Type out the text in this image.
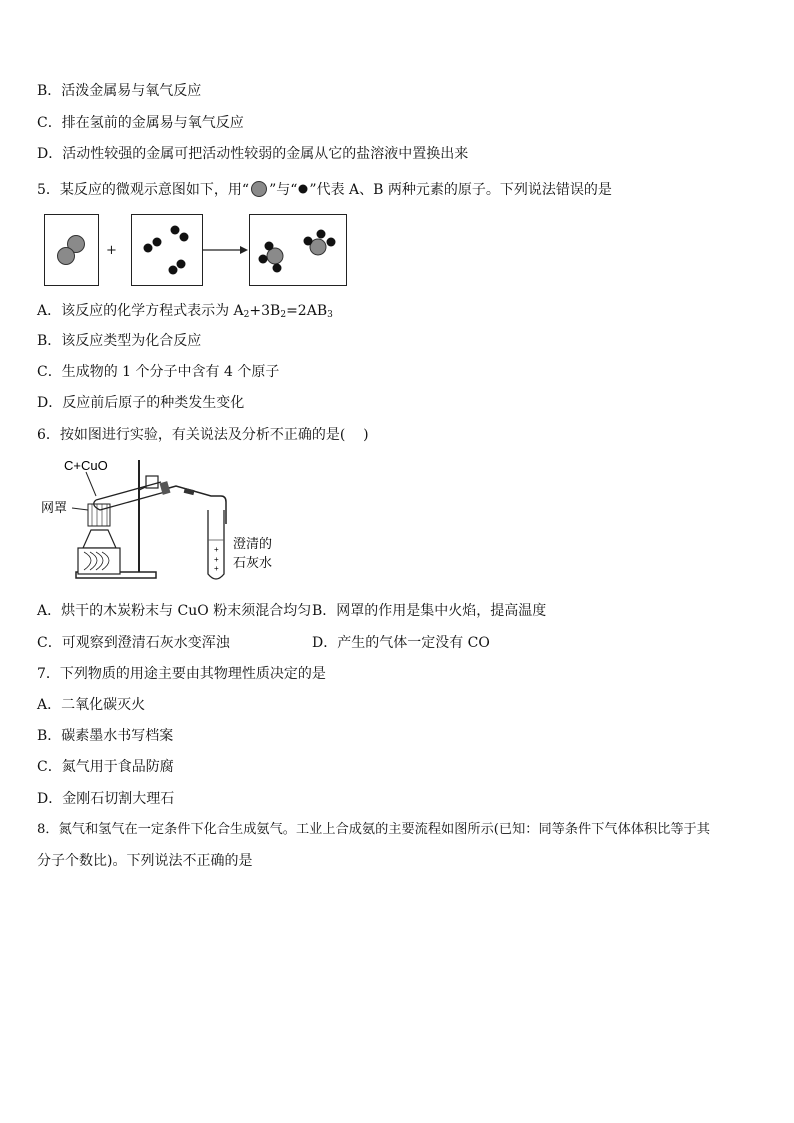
B．活泼金属易与氧气反应
C．排在氢前的金属易与氧气反应
D．活动性较强的金属可把活动性较弱的金属从它的盐溶液中置换出来
5．某反应的微观示意图如下，用“ ”与“ ”代表 A、B 两种元素的原子。下列说法错误的是
+
A．该反应的化学方程式表示为 $A_2+3B_2=2AB_3$
B．该反应类型为化合反应
C．生成物的 1 个分子中含有 4 个原子
D．反应前后原子的种类发生变化
6．按如图进行实验，有关说法及分析不正确的是(    )
+
+
+
C+CuO
网罩
澄清的
石灰水
A．烘干的木炭粉末与 CuO 粉末须混合均匀 B．网罩的作用是集中火焰，提高温度
C．可观察到澄清石灰水变浑浊	D．产生的气体一定没有 CO
7．下列物质的用途主要由其物理性质决定的是
A．二氧化碳灭火
B．碳素墨水书写档案
C．氮气用于食品防腐
D．金刚石切割大理石
8．氮气和氢气在一定条件下化合生成氨气。工业上合成氨的主要流程如图所示(已知：同等条件下气体体积比等于其
分子个数比)。下列说法不正确的是
